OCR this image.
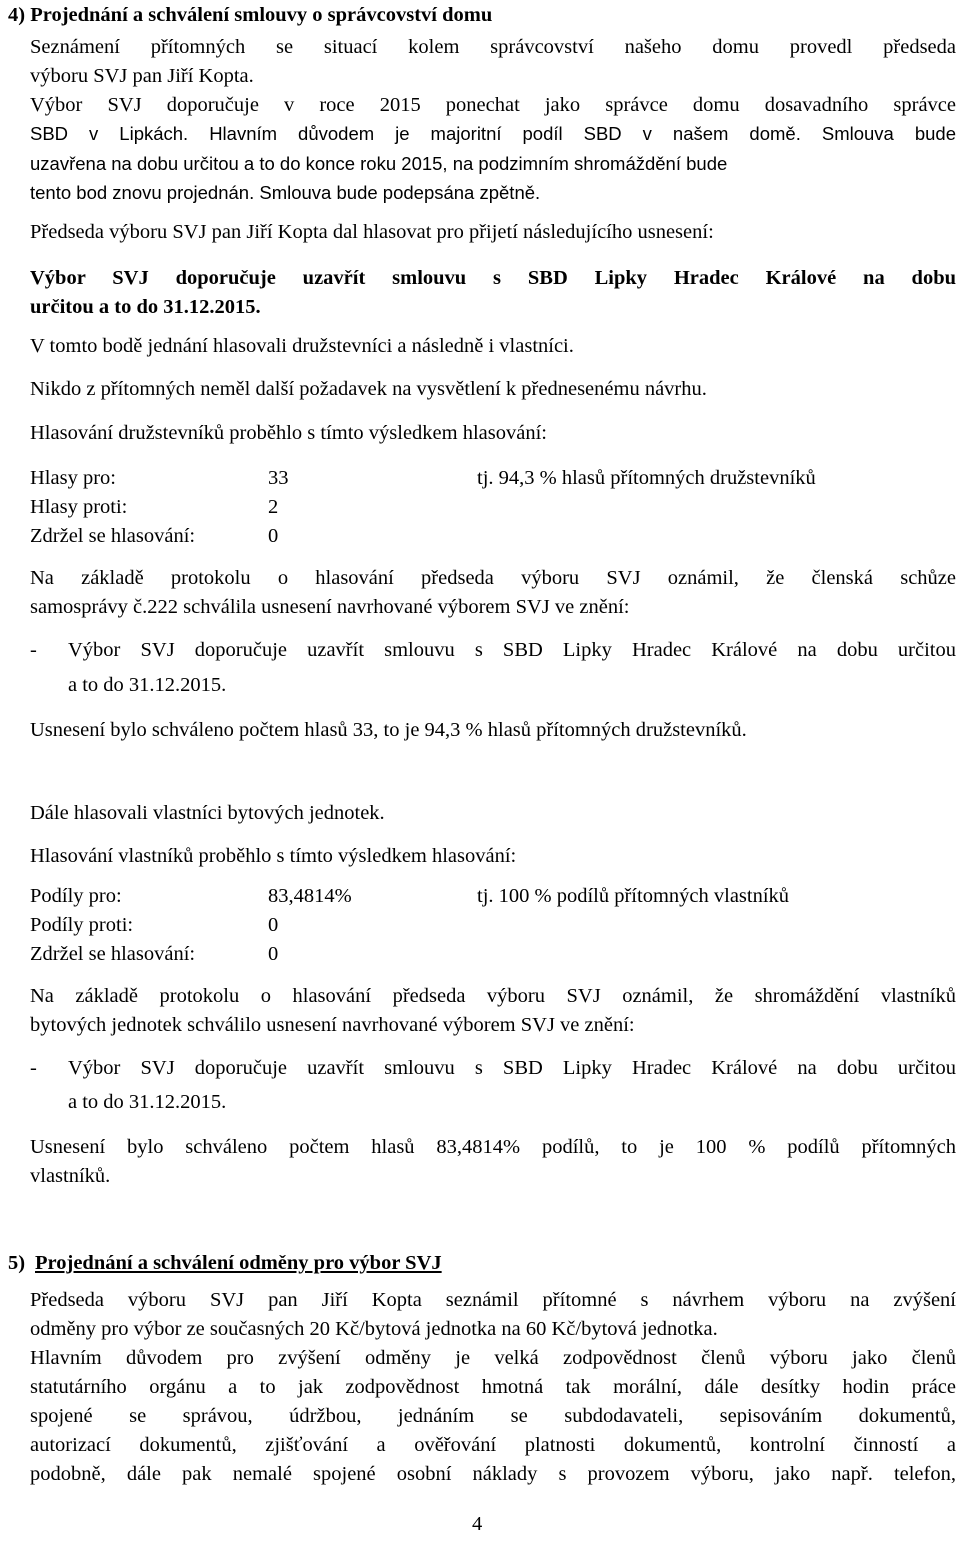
4) Projednání a schválení smlouvy o správcovství domu
Seznámení přítomných se situací kolem správcovství našeho domu provedl předseda
výboru SVJ pan Jiří Kopta.
Výbor SVJ doporučuje v roce 2015 ponechat jako správce domu dosavadního správce
SBD v Lipkách. Hlavním důvodem je majoritní podíl SBD v našem domě. Smlouva bude
uzavřena na dobu určitou a to do konce roku 2015, na podzimním shromáždění bude
tento bod znovu projednán. Smlouva bude podepsána zpětně.
Předseda výboru SVJ pan Jiří Kopta dal hlasovat pro přijetí následujícího usnesení:
Výbor SVJ doporučuje uzavřít smlouvu s SBD Lipky Hradec Králové na dobu
určitou a to do 31.12.2015.
V tomto bodě jednání hlasovali družstevníci a následně i vlastníci.
Nikdo z přítomných neměl další požadavek na vysvětlení k přednesenému návrhu.
Hlasování družstevníků proběhlo s tímto výsledkem hlasování:
Hlasy pro:	33	tj. 94,3 % hlasů přítomných družstevníků
Hlasy proti:	2
Zdržel se hlasování:	0
Na základě protokolu o hlasování předseda výboru SVJ oznámil, že členská schůze
samosprávy č.222 schválila usnesení navrhované výborem SVJ ve znění:
- Výbor SVJ doporučuje uzavřít smlouvu s SBD Lipky Hradec Králové na dobu určitou
a to do 31.12.2015.
Usnesení bylo schváleno počtem hlasů 33, to je 94,3 % hlasů přítomných družstevníků.
Dále hlasovali vlastníci bytových jednotek.
Hlasování vlastníků proběhlo s tímto výsledkem hlasování:
Podíly pro:	83,4814%	tj. 100 % podílů přítomných vlastníků
Podíly proti:	0
Zdržel se hlasování:	0
Na základě protokolu o hlasování předseda výboru SVJ oznámil, že shromáždění vlastníků
bytových jednotek schválilo usnesení navrhované výborem SVJ ve znění:
- Výbor SVJ doporučuje uzavřít smlouvu s SBD Lipky Hradec Králové na dobu určitou
a to do 31.12.2015.
Usnesení bylo schváleno počtem hlasů 83,4814% podílů, to je 100 % podílů přítomných
vlastníků.
5) Projednání a schválení odměny pro výbor SVJ
Předseda výboru SVJ pan Jiří Kopta seznámil přítomné s návrhem výboru na zvýšení
odměny pro výbor ze současných 20 Kč/bytová jednotka na 60 Kč/bytová jednotka.
Hlavním důvodem pro zvýšení odměny je velká zodpovědnost členů výboru jako členů
statutárního orgánu a to jak zodpovědnost hmotná tak morální, dále desítky hodin práce
spojené se správou, údržbou, jednáním se subdodavateli, sepisováním dokumentů,
autorizací dokumentů, zjišťování a ověřování platnosti dokumentů, kontrolní činností a
podobně, dále pak nemalé spojené osobní náklady s provozem výboru, jako např. telefon,
4
